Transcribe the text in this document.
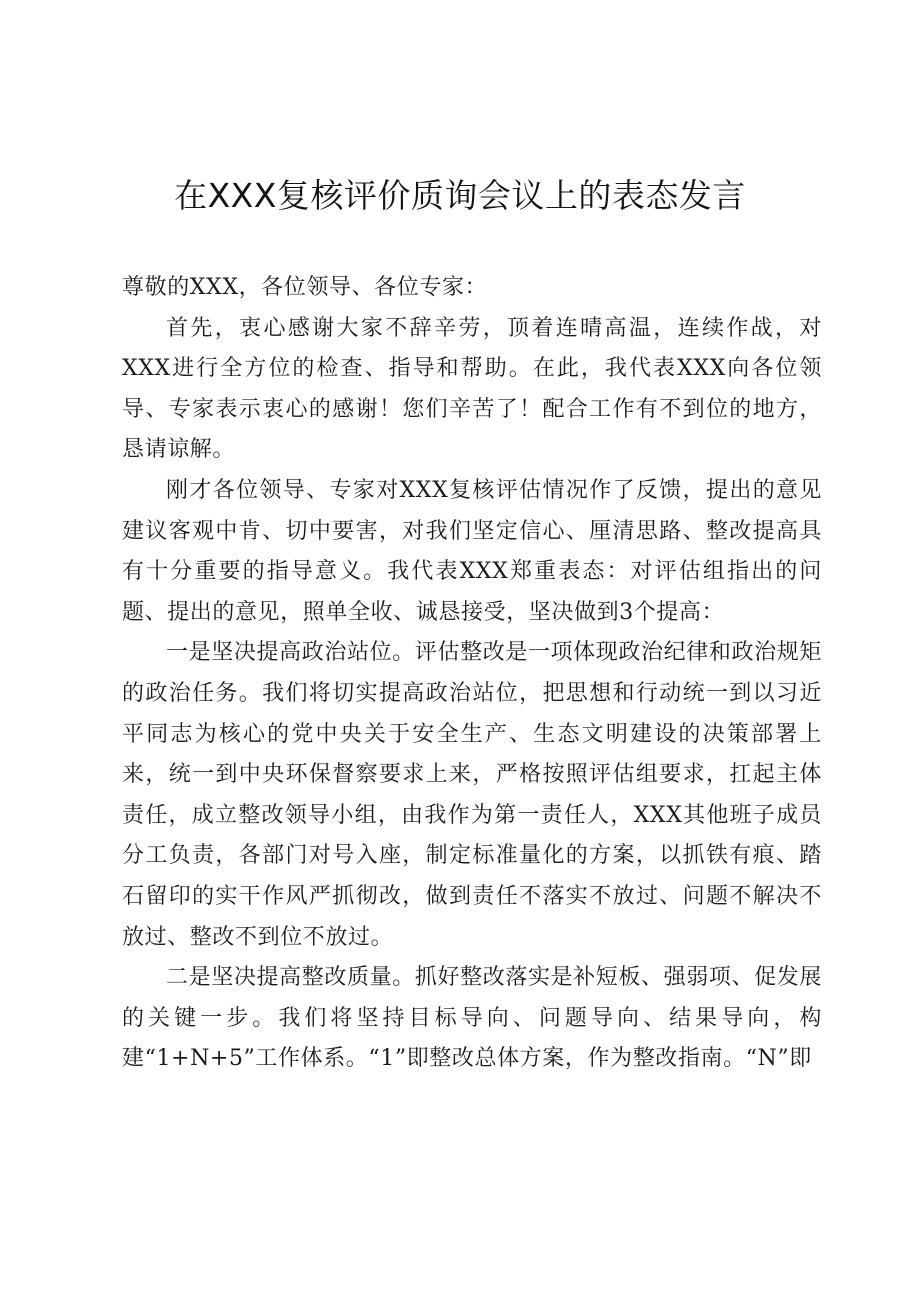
在XXX复核评价质询会议上的表态发言

尊敬的XXX，各位领导、各位专家：

首先，衷心感谢大家不辞辛劳，顶着连晴高温，连续作战，对XXX进行全方位的检查、指导和帮助。在此，我代表XXX向各位领导、专家表示衷心的感谢！您们辛苦了！配合工作有不到位的地方，恳请谅解。

刚才各位领导、专家对XXX复核评估情况作了反馈，提出的意见建议客观中肯、切中要害，对我们坚定信心、厘清思路、整改提高具有十分重要的指导意义。我代表XXX郑重表态：对评估组指出的问题、提出的意见，照单全收、诚恳接受，坚决做到3个提高：

一是坚决提高政治站位。评估整改是一项体现政治纪律和政治规矩的政治任务。我们将切实提高政治站位，把思想和行动统一到以习近平同志为核心的党中央关于安全生产、生态文明建设的决策部署上来，统一到中央环保督察要求上来，严格按照评估组要求，扛起主体责任，成立整改领导小组，由我作为第一责任人，XXX其他班子成员分工负责，各部门对号入座，制定标准量化的方案，以抓铁有痕、踏石留印的实干作风严抓彻改，做到责任不落实不放过、问题不解决不放过、整改不到位不放过。

二是坚决提高整改质量。抓好整改落实是补短板、强弱项、促发展的关键一步。我们将坚持目标导向、问题导向、结果导向，构建“1+N+5”工作体系。“1”即整改总体方案，作为整改指南。“N”即
